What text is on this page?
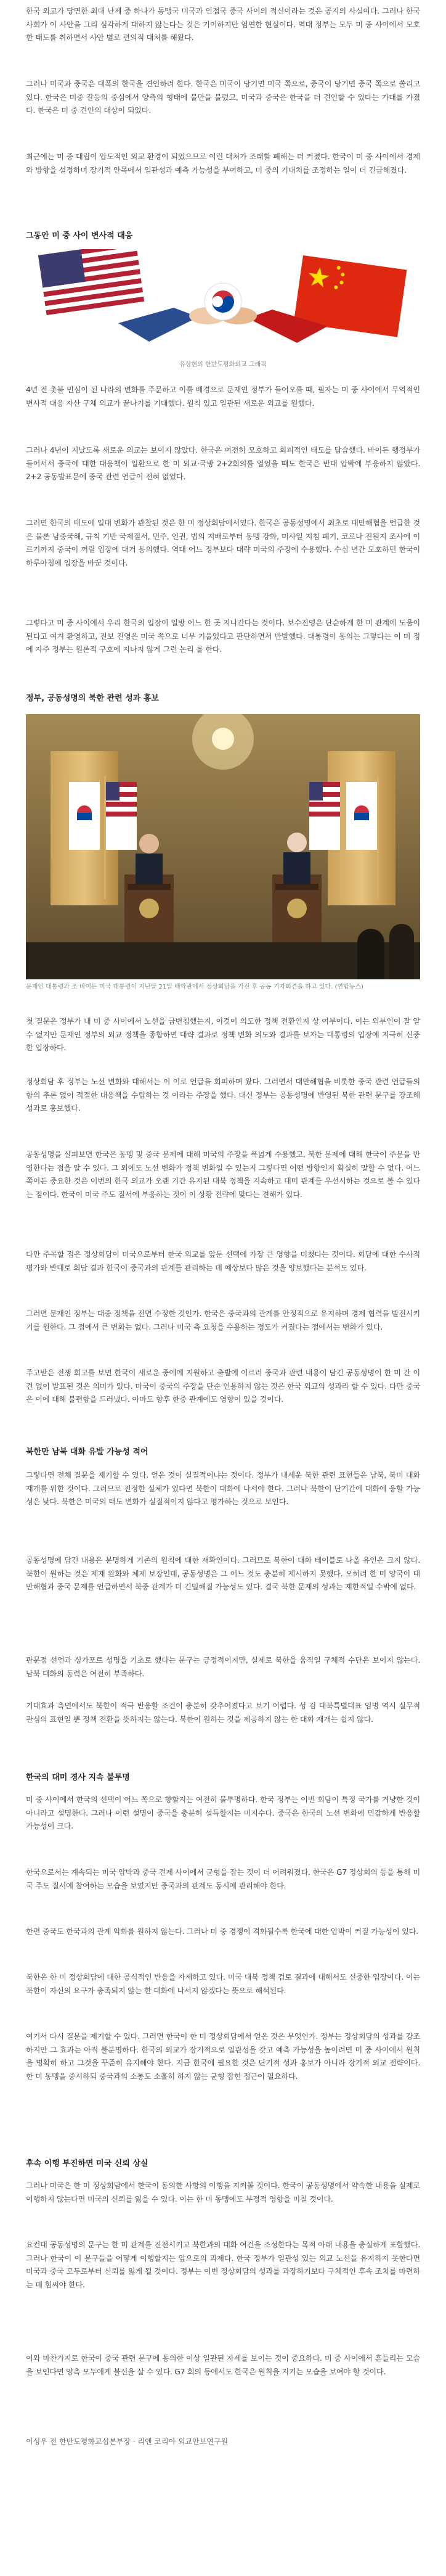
한국 외교가 당면한 최대 난제 중 하나가 동맹국 미국과 인접국 중국 사이의 적신이라는 것은 공지의 사실이다. 그러나 한국 사회가 이 사안을 그리 심각하게 대하지 않는다는 것은 기이하지만 엄연한 현실이다. 역대 정부는 모두 미 중 사이에서 모호한 태도를 취하면서 사안 별로 편의적 대처를 해왔다.

그러나 미국과 중국은 대폭의 한국을 견인하려 한다. 한국은 미국이 당기면 미국 쪽으로, 중국이 당기면 중국 쪽으로 쏠리고 있다. 한국은 미중 갈등의 중심에서 양측의 형태에 불만을 불렀고, 미국과 중국은 한국을 더 견인할 수 있다는 가대를 가졌다. 한국은 미 중 견인의 대상이 되었다.

최근에는 미 중 대립이 압도적인 외교 환경이 되었으므로 이런 대처가 조래할 폐해는 더 커졌다. 한국이 미 중 사이에서 경제와 방향을 설정하며 장기적 안목에서 일관성과 예측 가능성을 부여하고, 미 중의 기대치를 조정하는 일이 더 긴급해졌다.

그동안 미 중 사이 변사적 대응
유상현의 한반도평화외교 그래픽

4년 전 촛불 민심이 된 나라의 변화를 주문하고 이를 배경으로 문재인 정부가 들어오를 때, 필자는 미 중 사이에서 무역적인 변사적 대응 자산 구체 외교가 끝나기를 기대했다. 원칙 있고 일관된 새로운 외교를 원했다.

그러나 4년이 지났도록 새로운 외교는 보이지 않았다. 한국은 여전히 모호하고 회피적인 태도를 답습했다. 바이든 행정부가 들어서서 중국에 대한 대응책이 일환으로 한 미 외교·국방 2+2회의를 열었을 때도 한국은 반대 압박에 부응하지 않았다. 2+2 공동발표문에 중국 관련 언급이 전혀 없었다.

그러면 한국의 태도에 일대 변화가 관찰된 것은 한 미 정상회담에서였다. 한국은 공동성명에서 최초로 대만해협을 언급한 것은 물론 남중국해, 규칙 기반 국제질서, 민주, 인권, 법의 지배로부터 동맹 강화, 미사일 지침 폐기, 코로나 진원지 조사에 이르기까지 중국이 꺼릴 입장에 대거 동의했다. 역대 어느 정부보다 대략 미국의 주장에 수용했다. 수십 년간 모호하던 한국이 하루아침에 입장을 바꾼 것이다.

그렇다고 미 중 사이에서 우리 한국의 입장이 일방 어느 한 곳 지나간다는 것이다. 보수진영은 단순하게 한 미 관계에 도움이 된다고 여겨 환영하고, 진보 진영은 미국 쪽으로 너무 기울었다고 판단하면서 반발했다. 대통령이 동의는 그렇다는 이 미 정에 자주 정부는 원론적 구호에 지나지 않게 그런 논리 를 한다.

정부, 공동성명의 북한 관련 성과 홍보
문재인 대통령과 조 바이든 미국 대통령이 지난달 21일 백악관에서 정상회담을 가진 후 공동 기자회견을 하고 있다. (연합뉴스)

첫 질문은 정부가 내 미 중 사이에서 노선을 급변침했는지, 이것이 의도한 정책 전환인지 상 여부이다. 이는 외부인이 잘 알 수 없지만 문재인 정부의 외교 정책을 종합하면 대략 결과로 정책 변화 의도와 결과를 보자는 대통령의 입장에 지극히 신중한 입장하다.

정상회담 후 정부는 노선 변화와 대해서는 이 이로 언급을 회피하며 왔다. 그러면서 대만해협을 비롯한 중국 관련 언급들의 함의 추론 없이 적절한 대응책을 수립하는 것 이라는 주장을 했다. 대신 정부는 공동성명에 반영된 북한 관련 문구를 강조해 성과로 홍보했다.

공동성명을 살펴보면 한국은 동맹 및 중국 문제에 대해 미국의 주장을 폭넓게 수용했고, 북한 문제에 대해 한국이 주문을 반영한다는 점을 알 수 있다. 그 외에도 노선 변화가 정책 변화일 수 있는지 그렇다면 어떤 방향인지 확실히 말할 수 없다. 어느 쪽이든 중요한 것은 이번의 한국 외교가 오랜 기간 유지된 대북 정책을 지속하고 대미 관계를 우선시하는 것으로 볼 수 있다는 점이다. 한국이 미국 주도 질서에 부응하는 것이 이 상황 전략에 맞다는 견해가 있다.

다만 주목할 점은 정상회담이 미국으로부터 한국 외교를 앞둔 선택에 가장 큰 영향을 미쳤다는 것이다. 회담에 대한 수사적 평가와 반대로 회담 결과 한국이 중국과의 관계를 관리하는 데 예상보다 많은 것을 양보했다는 분석도 있다.

그러면 문재인 정부는 대중 정책을 전면 수정한 것인가. 한국은 중국과의 관계를 안정적으로 유지하며 경제 협력을 발전시키기를 원한다. 그 점에서 큰 변화는 없다. 그러나 미국 측 요청을 수용하는 정도가 커졌다는 점에서는 변화가 있다.

주고받은 전쟁 회고를 보면 한국이 새로운 중에에 지원하고 출발에 이르러 중국과 관련 내용이 담긴 공동성명이 한 미 간 이견 없이 발표된 것은 의미가 있다. 미국이 중국의 주장을 단순 인용하지 않는 것은 한국 외교의 성과라 할 수 있다. 다만 중국은 이에 대해 불편함을 드러냈다. 아마도 향후 한중 관계에도 영향이 있을 것이다.

북한만 남북 대화 유발 가능성 적어

그렇다면 전체 질문을 제기할 수 있다. 얻은 것이 실질적이냐는 것이다. 정부가 내세운 북한 관련 표현들은 남북, 북미 대화 재개를 위한 것이다. 그러므로 진정한 실체가 있다면 북한이 대화에 나서야 한다. 그러나 북한이 단기간에 대화에 응할 가능성은 낮다. 북한은 미국의 태도 변화가 실질적이지 않다고 평가하는 것으로 보인다.

공동성명에 담긴 내용은 분명하게 기존의 원칙에 대한 재확인이다. 그러므로 북한이 대화 테이블로 나올 유인은 크지 않다. 북한이 원하는 것은 제재 완화와 체제 보장인데, 공동성명은 그 어느 것도 충분히 제시하지 못했다. 오히려 한 미 양국이 대만해협과 중국 문제를 언급하면서 북중 관계가 더 긴밀해질 가능성도 있다. 결국 북한 문제의 성과는 제한적일 수밖에 없다.

판문점 선언과 싱가포르 성명을 기초로 했다는 문구는 긍정적이지만, 실제로 북한을 움직일 구체적 수단은 보이지 않는다. 남북 대화의 동력은 여전히 부족하다.

기대효과 측면에서도 북한이 적극 반응할 조건이 충분히 갖추어졌다고 보기 어렵다. 성 김 대북특별대표 임명 역시 실무적 관심의 표현일 뿐 정책 전환을 뜻하지는 않는다. 북한이 원하는 것을 제공하지 않는 한 대화 재개는 쉽지 않다.

한국의 대미 경사 지속 불투명

미 중 사이에서 한국의 선택이 어느 쪽으로 향할지는 여전히 불투명하다. 한국 정부는 이번 회담이 특정 국가를 겨냥한 것이 아니라고 설명한다. 그러나 이런 설명이 중국을 충분히 설득할지는 미지수다. 중국은 한국의 노선 변화에 민감하게 반응할 가능성이 크다.

한국으로서는 계속되는 미국 압박과 중국 견제 사이에서 균형을 잡는 것이 더 어려워졌다. 한국은 G7 정상회의 등을 통해 미국 주도 질서에 참여하는 모습을 보였지만 중국과의 관계도 동시에 관리해야 한다.

한편 중국도 한국과의 관계 악화를 원하지 않는다. 그러나 미 중 경쟁이 격화될수록 한국에 대한 압박이 커질 가능성이 있다.

북한은 한 미 정상회담에 대한 공식적인 반응을 자제하고 있다. 미국 대북 정책 검토 결과에 대해서도 신중한 입장이다. 이는 북한이 자신의 요구가 충족되지 않는 한 대화에 나서지 않겠다는 뜻으로 해석된다.

여기서 다시 질문을 제기할 수 있다. 그러면 한국이 한 미 정상회담에서 얻은 것은 무엇인가. 정부는 정상회담의 성과를 강조하지만 그 효과는 아직 불분명하다. 한국의 외교가 장기적으로 일관성을 갖고 예측 가능성을 높이려면 미 중 사이에서 원칙을 명확히 하고 그것을 꾸준히 유지해야 한다. 지금 한국에 필요한 것은 단기적 성과 홍보가 아니라 장기적 외교 전략이다. 한 미 동맹을 중시하되 중국과의 소통도 소홀히 하지 않는 균형 잡힌 접근이 필요하다.

후속 이행 부진하면 미국 신뢰 상실

그러나 미국은 한 미 정상회담에서 한국이 동의한 사항의 이행을 지켜볼 것이다. 한국이 공동성명에서 약속한 내용을 실제로 이행하지 않는다면 미국의 신뢰를 잃을 수 있다. 이는 한 미 동맹에도 부정적 영향을 미칠 것이다.

요컨대 공동성명의 문구는 한 미 관계를 진전시키고 북한과의 대화 여건을 조성한다는 목적 아래 내용을 충실하게 포함했다. 그러나 한국이 이 문구들을 어떻게 이행할지는 앞으로의 과제다. 한국 정부가 일관성 있는 외교 노선을 유지하지 못한다면 미국과 중국 모두로부터 신뢰를 잃게 될 것이다. 정부는 이번 정상회담의 성과를 과장하기보다 구체적인 후속 조치를 마련하는 데 힘써야 한다.

이와 마찬가지로 한국이 중국 관련 문구에 동의한 이상 일관된 자세를 보이는 것이 중요하다. 미 중 사이에서 흔들리는 모습을 보인다면 양측 모두에게 불신을 살 수 있다. G7 회의 등에서도 한국은 원칙을 지키는 모습을 보여야 할 것이다.

이성우 전 한반도평화교섭본부장 · 리앤 코리아 외교안보연구원
